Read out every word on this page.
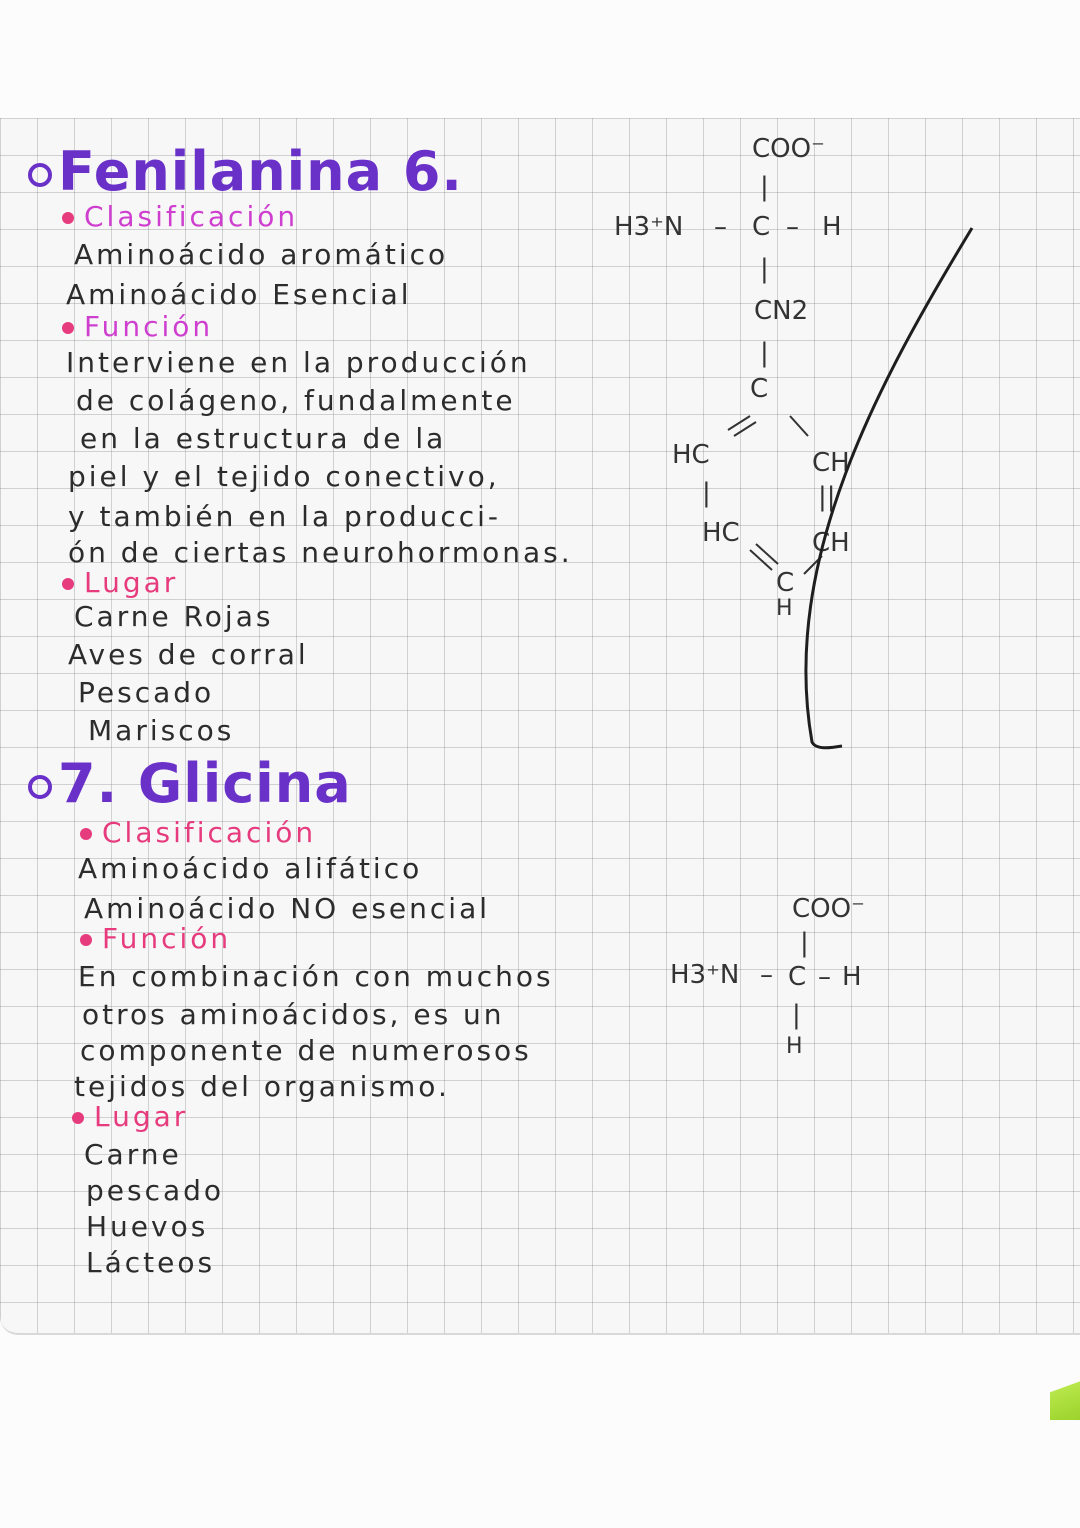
Fenilanina 6.
Clasificación
Aminoácido aromático
Aminoácido Esencial
Función
Interviene en la producción
de colágeno, fundalmente
en la estructura de la
piel y el tejido conectivo,
y también en la producci-
ón de ciertas neurohormonas.
Lugar
Carne Rojas
Aves de corral
Pescado
Mariscos
COO⁻
|
H3⁺N – C – H
|
CN2
|
C
HC	CH
|	||
HC	CH
C
H
7. Glicina
Clasificación
Aminoácido alifático
Aminoácido NO esencial
Función
En combinación con muchos
otros aminoácidos, es un
componente de numerosos
tejidos del organismo.
Lugar
Carne
pescado
Huevos
Lácteos
COO⁻
|
H3⁺N – C – H
|
H
